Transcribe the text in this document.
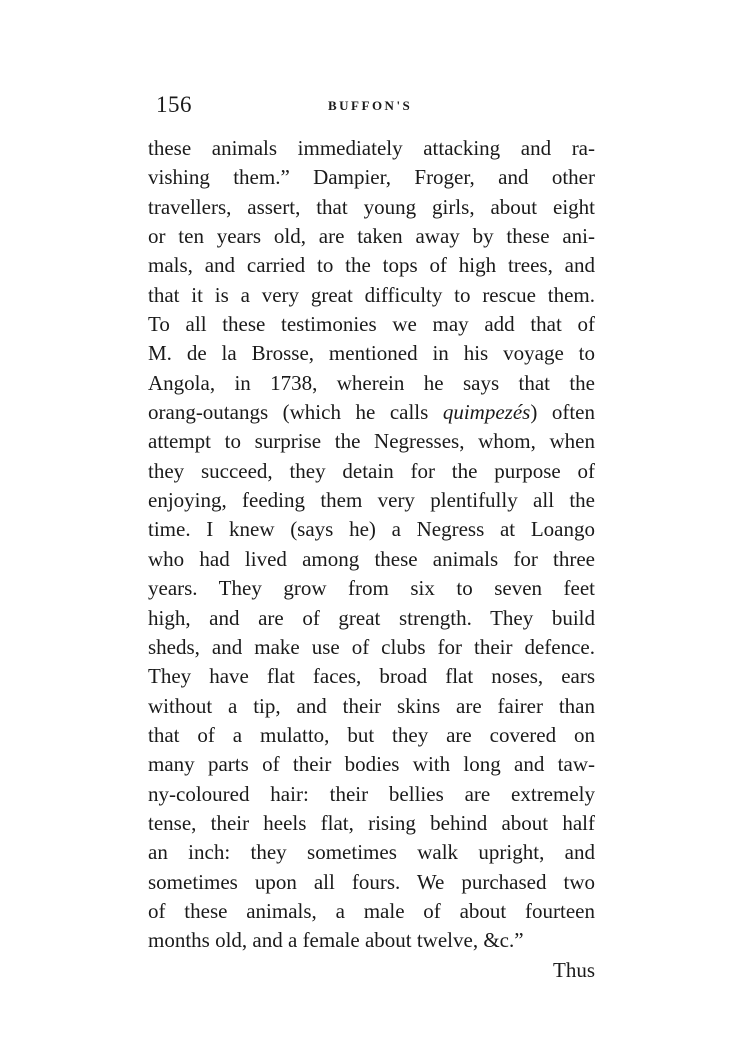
156	BUFFON'S
these animals immediately attacking and ra-
vishing them.” Dampier, Froger, and other
travellers, assert, that young girls, about eight
or ten years old, are taken away by these ani-
mals, and carried to the tops of high trees, and
that it is a very great difficulty to rescue them.
To all these testimonies we may add that of
M. de la Brosse, mentioned in his voyage to
Angola, in 1738, wherein he says that the
orang-outangs (which he calls quimpezés) often
attempt to surprise the Negresses, whom, when
they succeed, they detain for the purpose of
enjoying, feeding them very plentifully all the
time. I knew (says he) a Negress at Loango
who had lived among these animals for three
years. They grow from six to seven feet
high, and are of great strength. They build
sheds, and make use of clubs for their defence.
They have flat faces, broad flat noses, ears
without a tip, and their skins are fairer than
that of a mulatto, but they are covered on
many parts of their bodies with long and taw-
ny-coloured hair: their bellies are extremely
tense, their heels flat, rising behind about half
an inch: they sometimes walk upright, and
sometimes upon all fours. We purchased two
of these animals, a male of about fourteen
months old, and a female about twelve, &c.”
Thus
